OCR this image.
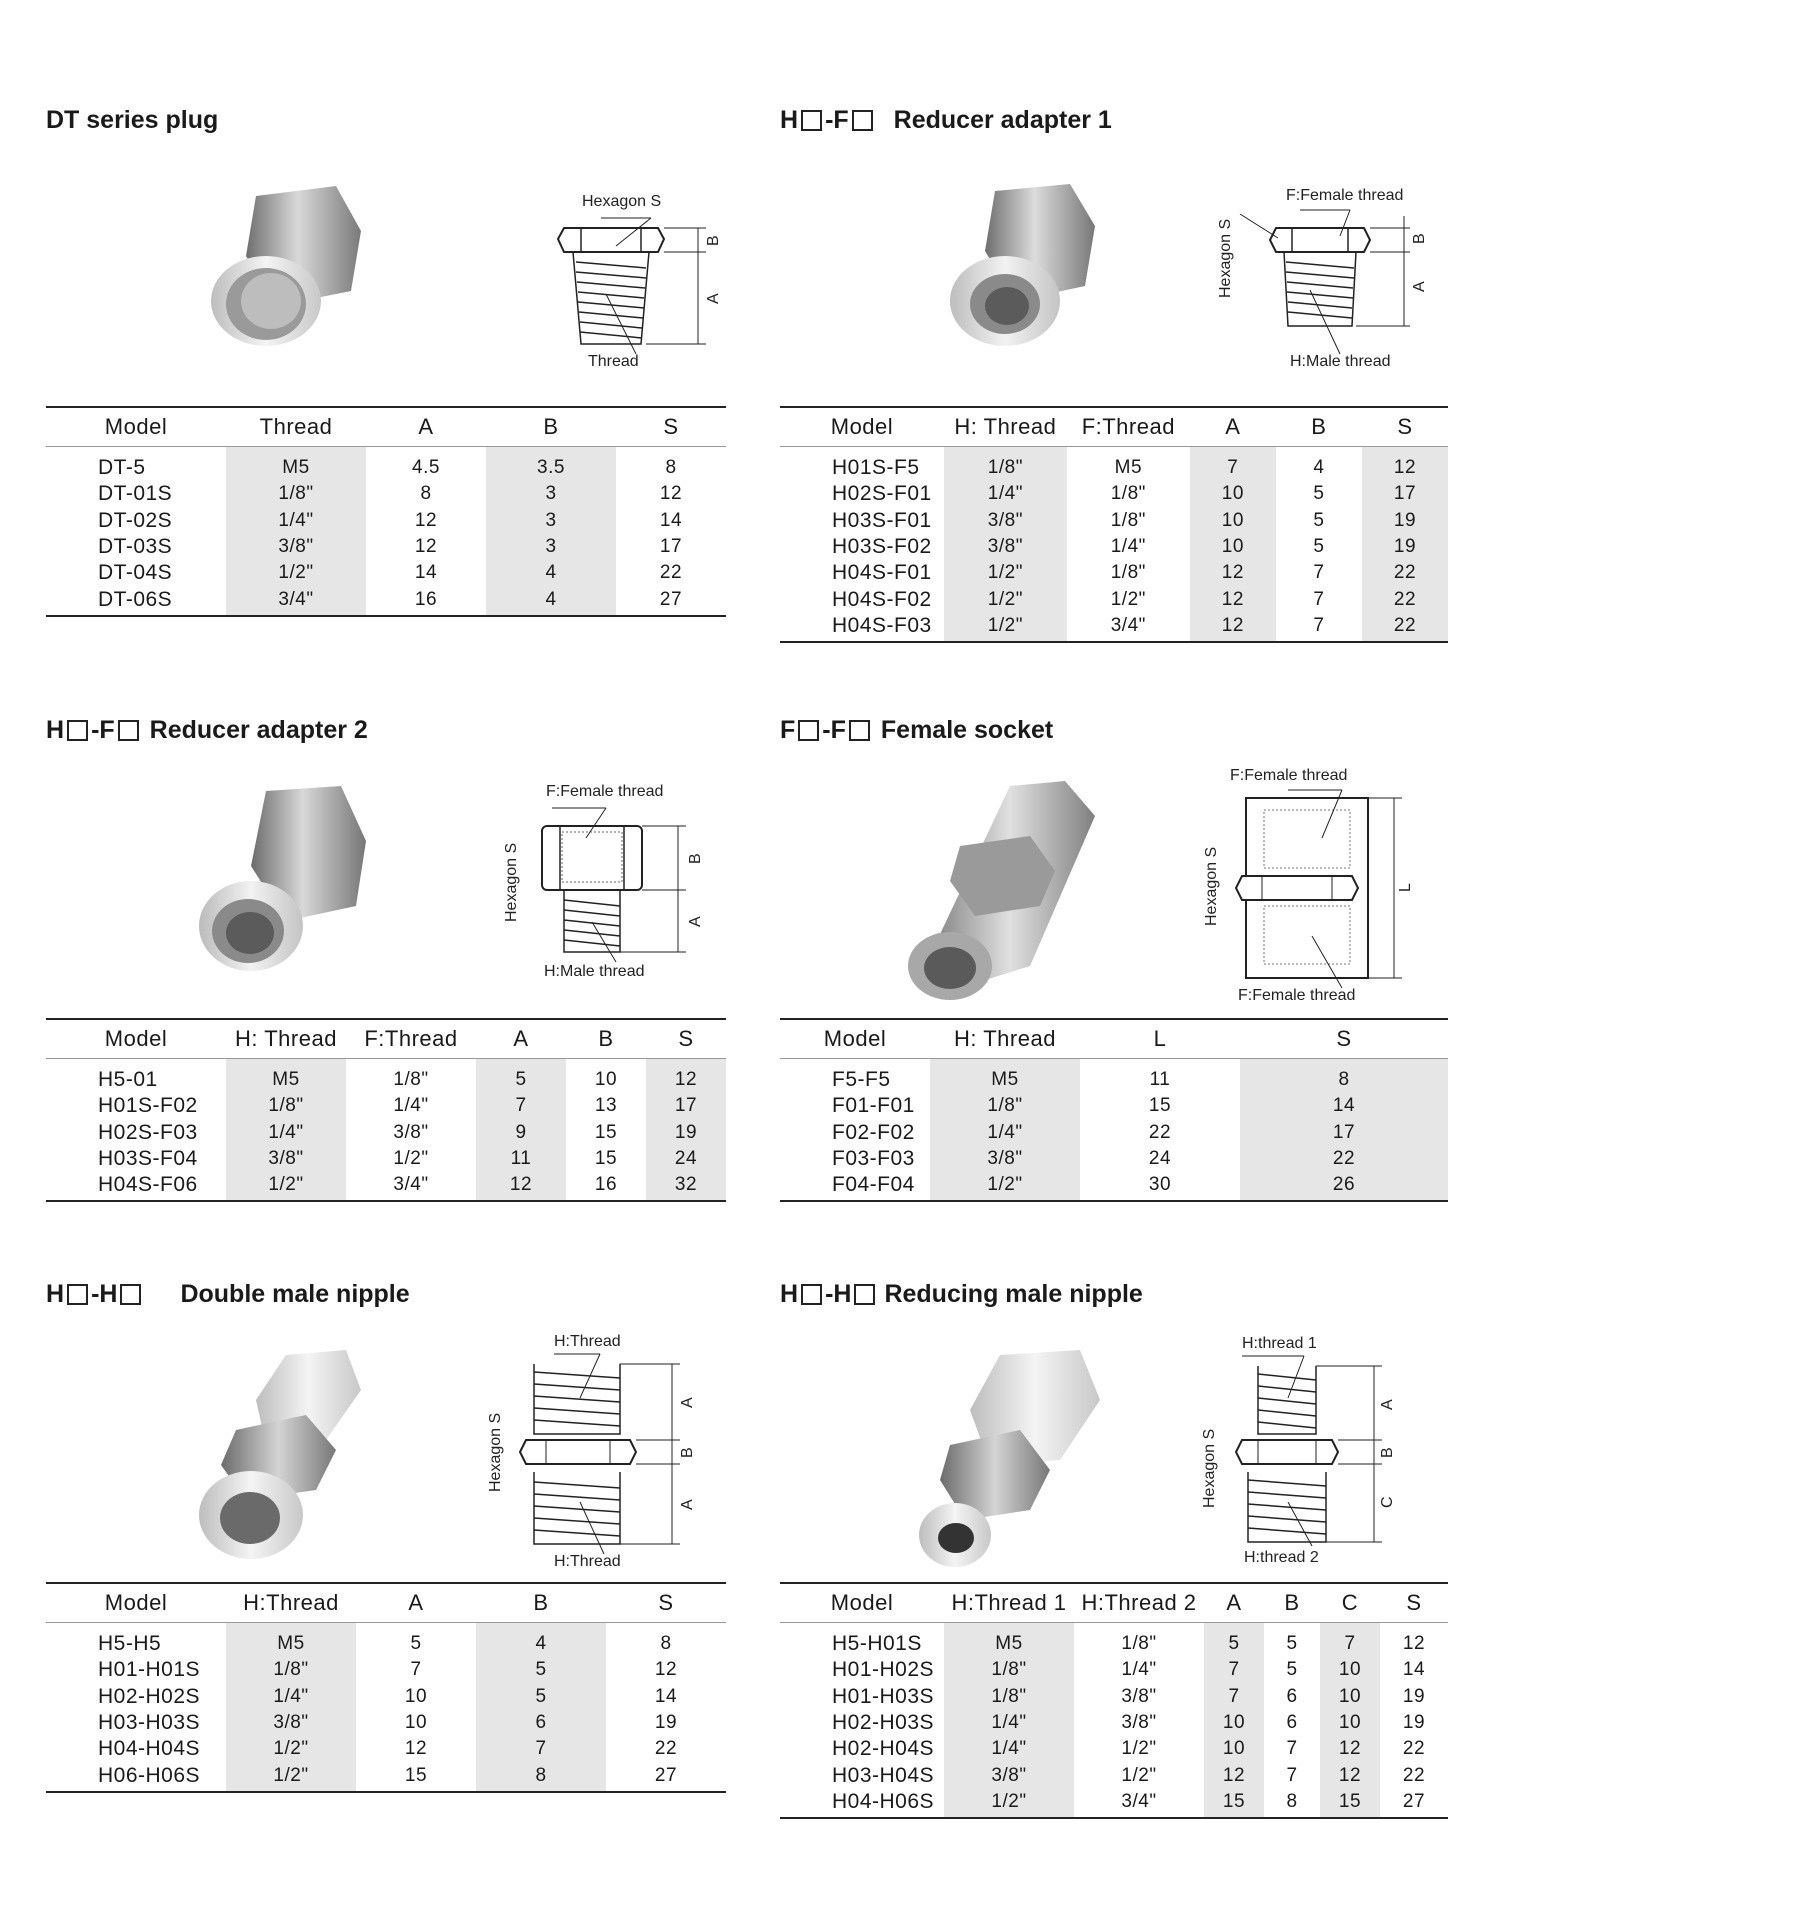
DT series plug
Hexagon S
Thread
B
A
Model	Thread	A	B	S
DT-5	M5	4.5	3.5	8
DT-01S	1/8"	8	3	12
DT-02S	1/4"	12	3	14
DT-03S	3/8"	12	3	17
DT-04S	1/2"	14	4	22
DT-06S	3/4"	16	4	27
H -F Reducer adapter 1
F:Female thread
H:Male thread
Hexagon S	B
A
Model	H: Thread	F:Thread	A	B	S
H01S-F5	1/8"	M5	7	4	12
H02S-F01	1/4"	1/8"	10	5	17
H03S-F01	3/8"	1/8"	10	5	19
H03S-F02	3/8"	1/4"	10	5	19
H04S-F01	1/2"	1/8"	12	7	22
H04S-F02	1/2"	1/2"	12	7	22
H04S-F03	1/2"	3/4"	12	7	22
H -F Reducer adapter 2
F:Female thread
H:Male thread
Hexagon S	B
A
Model	H: Thread	F:Thread	A	B	S
H5-01	M5	1/8"	5	10	12
H01S-F02	1/8"	1/4"	7	13	17
H02S-F03	1/4"	3/8"	9	15	19
H03S-F04	3/8"	1/2"	11	15	24
H04S-F06	1/2"	3/4"	12	16	32
F -F Female socket
F:Female thread
F:Female thread
Hexagon S	L
Model	H: Thread	L	S
F5-F5	M5	11	8
F01-F01	1/8"	15	14
F02-F02	1/4"	22	17
F03-F03	3/8"	24	22
F04-F04	1/2"	30	26
H -H	Double male nipple
H:Thread
H:Thread
Hexagon S
A
B
A
Model	H:Thread	A	B	S
H5-H5	M5	5	4	8
H01-H01S	1/8"	7	5	12
H02-H02S	1/4"	10	5	14
H03-H03S	3/8"	10	6	19
H04-H04S	1/2"	12	7	22
H06-H06S	1/2"	15	8	27
H -H Reducing male nipple
H:thread 1
H:thread 2
Hexagon S
A
B
C
Model	H:Thread 1	H:Thread 2	A	B	C	S
H5-H01S	M5	1/8"	5	5	7	12
H01-H02S	1/8"	1/4"	7	5	10	14
H01-H03S	1/8"	3/8"	7	6	10	19
H02-H03S	1/4"	3/8"	10	6	10	19
H02-H04S	1/4"	1/2"	10	7	12	22
H03-H04S	3/8"	1/2"	12	7	12	22
H04-H06S	1/2"	3/4"	15	8	15	27
